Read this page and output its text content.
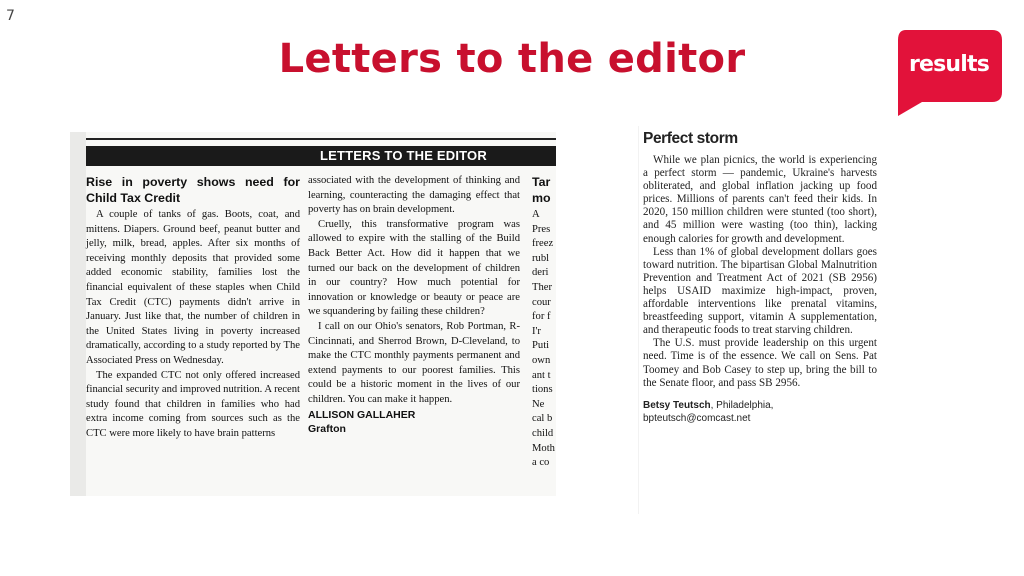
7
Letters to the editor	results
LETTERS TO THE EDITOR

Rise in poverty shows need for Child Tax Credit

A couple of tanks of gas. Boots, coat, and mittens. Diapers. Ground beef, peanut butter and jelly, milk, bread, apples. After six months of receiving monthly deposits that provided some added economic stability, families lost the financial equivalent of these staples when Child Tax Credit (CTC) payments didn't arrive in January. Just like that, the number of children in the United States living in poverty increased dramatically, according to a study reported by The Associated Press on Wednesday.

The expanded CTC not only offered increased financial security and improved nutrition. A recent study found that children in families who had extra income coming from sources such as the CTC were more likely to have brain patterns

associated with the development of thinking and learning, counteracting the damaging effect that poverty has on brain development.

Cruelly, this transformative program was allowed to expire with the stalling of the Build Back Better Act. How did it happen that we turned our back on the development of children in our country? How much potential for innovation or knowledge or beauty or peace are we squandering by failing these children?

I call on our Ohio's senators, Rob Portman, R-Cincinnati, and Sherrod Brown, D-Cleveland, to make the CTC monthly payments permanent and extend payments to our poorest families. This could be a historic moment in the lives of our children. You can make it happen.

ALLISON GALLAHER

Grafton

Tar

mo

A

Pres

freez

rubl

deri

Ther

cour

for f

I'r

Puti

own

ant t

tions

Ne

cal b

child

Moth

a co

Perfect storm

While we plan picnics, the world is experiencing a perfect storm — pandemic, Ukraine's harvests obliterated, and global inflation jacking up food prices. Millions of parents can't feed their kids. In 2020, 150 million children were stunted (too short), and 45 million were wasting (too thin), lacking enough calories for growth and development.

Less than 1% of global development dollars goes toward nutrition. The bipartisan Global Malnutrition Prevention and Treatment Act of 2021 (SB 2956) helps USAID maximize high-impact, proven, affordable interventions like prenatal vitamins, breastfeeding support, vitamin A supplementation, and therapeutic foods to treat starving children.

The U.S. must provide leadership on this urgent need. Time is of the essence. We call on Sens. Pat Toomey and Bob Casey to step up, bring the bill to the Senate floor, and pass SB 2956.

Betsy Teutsch, Philadelphia,

bpteutsch@comcast.net
